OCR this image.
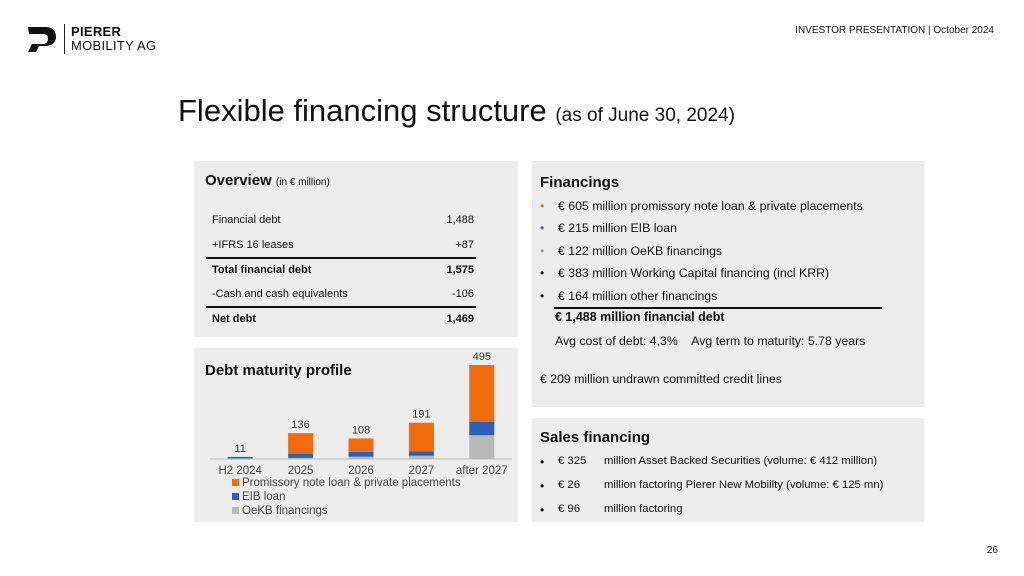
PIERER
MOBILITY AG
INVESTOR PRESENTATION | October 2024
Flexible financing structure (as of June 30, 2024)
Overview (in € million)
Financial debt	1,488
+IFRS 16 leases	+87
Total financial debt	1,575
-Cash and cash equivalents	-106
Net debt	1,469
Debt maturity profile
11
H2 2024
136
2025
108
2026
191
2027
495
after 2027
Promissory note loan & private placements
EIB loan
OeKB financings
Financings
•	€ 605 million promissory note loan & private placements
•	€ 215 million EIB loan
•	€ 122 million OeKB financings
•	€ 383 million Working Capital financing (incl KRR)
•	€ 164 million other financings
€ 1,488 million financial debt
Avg cost of debt: 4,3% Avg term to maturity: 5.78 years
€ 209 million undrawn committed credit lines
Sales financing
•	€ 325	million Asset Backed Securities (volume: € 412 million)
•	€ 26	million factoring Pierer New Mobiilty (volume: € 125 mn)
•	€ 96	million factoring
26
